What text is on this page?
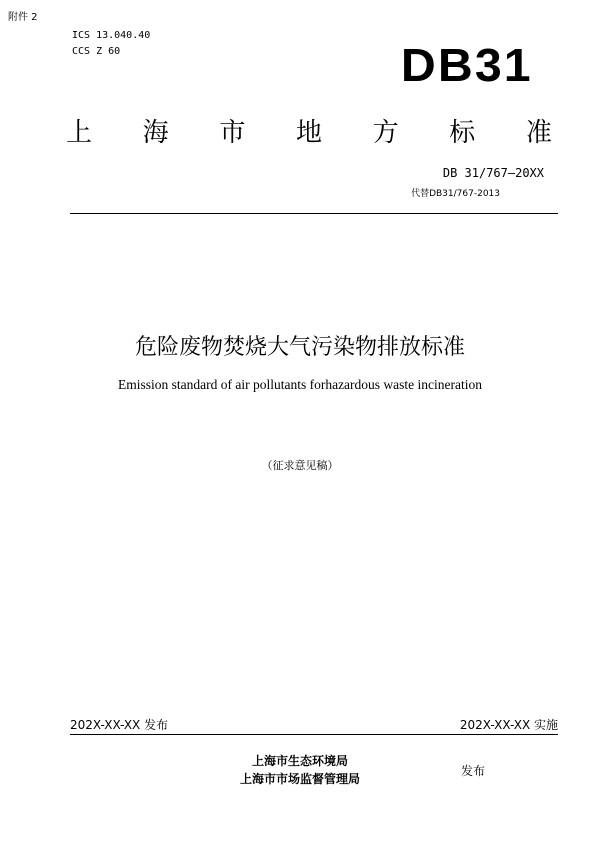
附件 2
ICS 13.040.40
CCS Z 60	DB31
上 海 市 地 方 标 准
DB 31/767—20XX
代替DB31/767-2013
危险废物焚烧大气污染物排放标准
Emission standard of air pollutants forhazardous waste incineration
（征求意见稿）
202X-XX-XX 发布	202X-XX-XX 实施
上海市生态环境局
上海市市场监督管理局
发布
